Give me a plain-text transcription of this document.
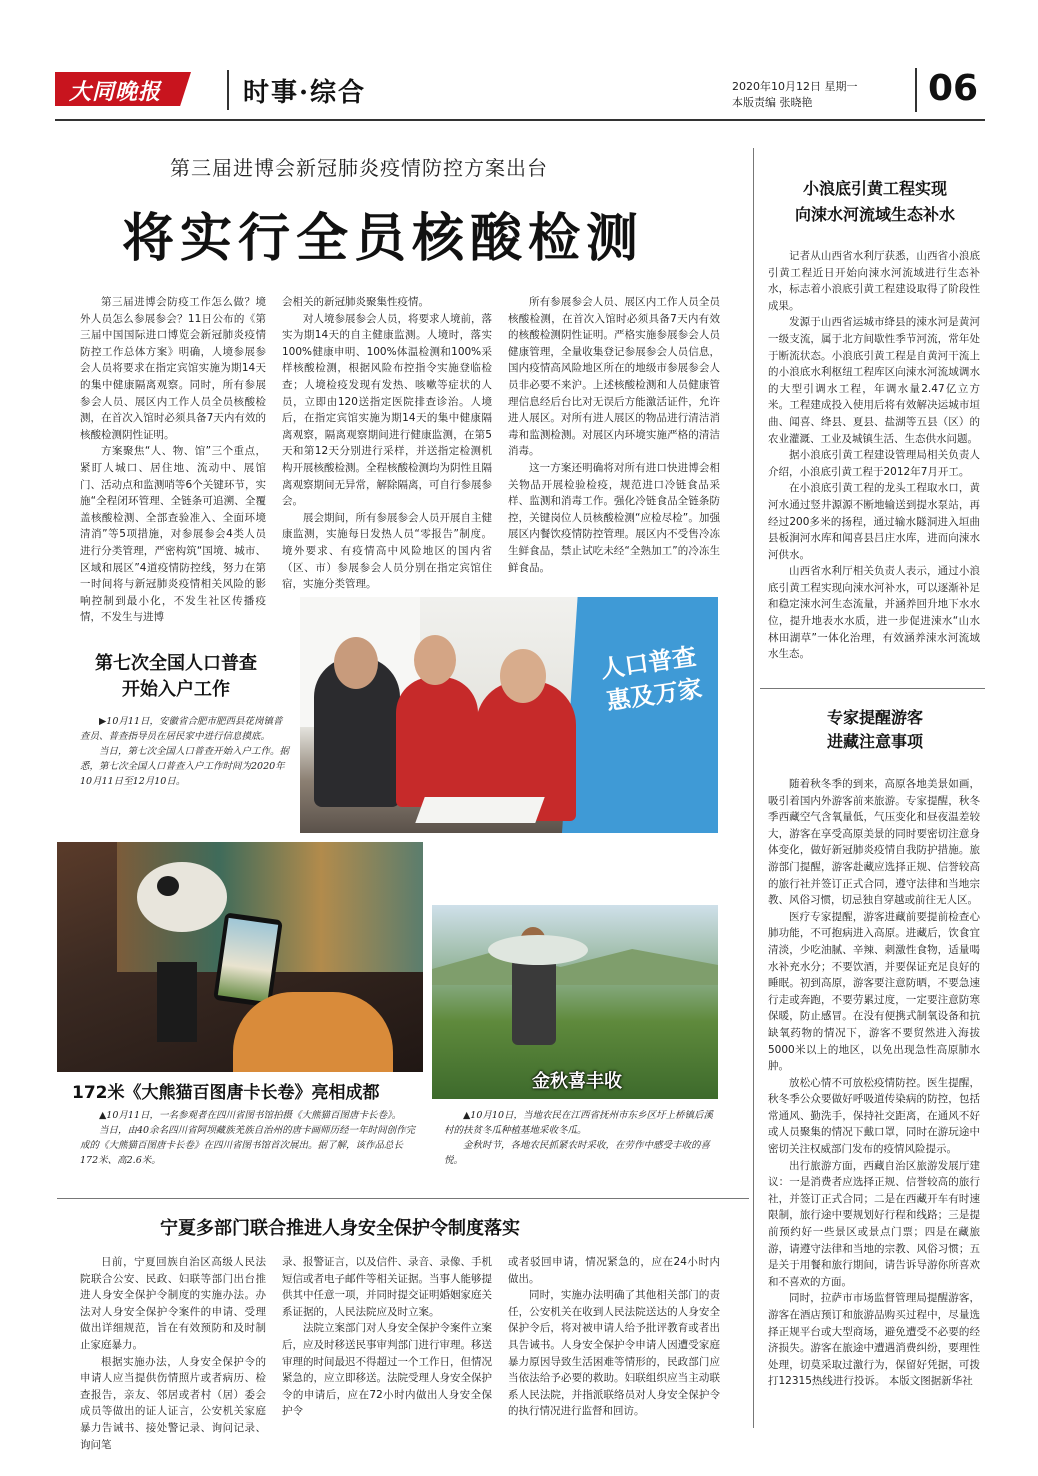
大同晚报	时事·综合	2020年10月12日 星期一
本版责编 张晓艳	06
第三届进博会新冠肺炎疫情防控方案出台
将实行全员核酸检测

第三届进博会防疫工作怎么做？境外人员怎么参展参会？11日公布的《第三届中国国际进口博览会新冠肺炎疫情防控工作总体方案》明确，人境参展参会人员将要求在指定宾馆实施为期14天的集中健康隔离观察。同时，所有参展参会人员、展区内工作人员全员核酸检测，在首次入馆时必须具备7天内有效的核酸检测阴性证明。

方案聚焦“人、物、馆”三个重点，紧盯人城口、居住地、流动中、展馆门、活动点和监测哨等6个关键环节，实施“全程闭环管理、全链条可追溯、全覆盖核酸检测、全部查验准入、全面环境清消”等5项措施，对参展参会4类人员进行分类管理，严密构筑“国境、城市、区域和展区”4道疫情防控线，努力在第一时间将与新冠肺炎疫情相关风险的影响控制到最小化，不发生社区传播疫情，不发生与进博

会相关的新冠肺炎聚集性疫情。

对人境参展参会人员，将要求人境前，落实为期14天的自主健康监测。人境时，落实100%健康申明、100%体温检测和100%采样核酸检测，根据风险布控指令实施登临检查；人境检疫发现有发热、咳嗽等症状的人员，立即由120送指定医院排查诊治。人境后，在指定宾馆实施为期14天的集中健康隔离观察，隔离观察期间进行健康监测，在第5天和第12天分别进行采样，并送指定检测机构开展核酸检测。全程核酸检测均为阴性且隔离观察期间无异常，解除隔离，可自行参展参会。

展会期间，所有参展参会人员开展自主健康监测，实施每日发热人员“零报告”制度。境外要求、有疫情高中风险地区的国内省（区、市）参展参会人员分别在指定宾馆住宿，实施分类管理。

所有参展参会人员、展区内工作人员全员核酸检测，在首次入馆时必须具备7天内有效的核酸检测阴性证明。严格实施参展参会人员健康管理，全量收集登记参展参会人员信息，国内疫情高风险地区所在的地级市参展参会人员非必要不来沪。上述核酸检测和人员健康管理信息经后台比对无误后方能激活证件，允许进人展区。对所有进人展区的物品进行清洁消毒和监测检测。对展区内环境实施严格的清洁消毒。

这一方案还明确将对所有进口快进博会相关物品开展检验检疫，规范进口冷链食品采样、监测和消毒工作。强化冷链食品全链条防控，关键岗位人员核酸检测“应检尽检”。加强展区内餐饮疫情防控管理。展区内不受售冷冻生鲜食品，禁止试吃未经“全熟加工”的冷冻生鲜食品。

人口普查
惠及万家
第七次全国人口普查
开始入户工作

▶10月11日，安徽省合肥市肥西县花岗镇普查员、普查指导员在居民家中进行信息摸底。

当日，第七次全国人口普查开始入户工作。据悉，第七次全国人口普查入户工作时间为2020年10月11日至12月10日。

172米《大熊猫百图唐卡长卷》亮相成都

▲10月11日，一名参观者在四川省图书馆拍摄《大熊猫百图唐卡长卷》。

当日，由40余名四川省阿坝藏族羌族自治州的唐卡画师历经一年时间创作完成的《大熊猫百图唐卡长卷》在四川省图书馆首次展出。据了解，该作品总长172米、高2.6米。

金秋喜丰收

▲10月10日，当地农民在江西省抚州市东乡区圩上桥镇后溪村的扶贫冬瓜种植基地采收冬瓜。

金秋时节，各地农民抓紧农时采收，在劳作中感受丰收的喜悦。

宁夏多部门联合推进人身安全保护令制度落实

日前，宁夏回族自治区高级人民法院联合公安、民政、妇联等部门出台推进人身安全保护令制度的实施办法。办法对人身安全保护令案件的申请、受理做出详细规范，旨在有效预防和及时制止家庭暴力。

根据实施办法，人身安全保护令的申请人应当提供伤情照片或者病历、检查报告，亲友、邻居或者村（居）委会成员等做出的证人证言，公安机关家庭暴力告诫书、接处警记录、询问记录、询问笔

录、报警证言，以及信件、录音、录像、手机短信或者电子邮件等相关证据。当事人能够提供其中任意一项，并同时提交证明婚姻家庭关系证据的，人民法院应及时立案。

法院立案部门对人身安全保护令案件立案后，应及时移送民事审判部门进行审理。移送审理的时间最迟不得超过一个工作日，但情况紧急的，应立即移送。法院受理人身安全保护令的申请后，应在72小时内做出人身安全保护令

或者驳回申请，情况紧急的，应在24小时内做出。

同时，实施办法明确了其他相关部门的责任，公安机关在收到人民法院送达的人身安全保护令后，将对被申请人给予批评教育或者出具告诫书。人身安全保护令申请人因遭受家庭暴力原因导致生活困难等情形的，民政部门应当依法给予必要的救助。妇联组织应当主动联系人民法院，并指派联络员对人身安全保护令的执行情况进行监督和回访。

小浪底引黄工程实现
向涑水河流域生态补水

记者从山西省水利厅获悉，山西省小浪底引黄工程近日开始向涑水河流域进行生态补水，标志着小浪底引黄工程建设取得了阶段性成果。

发源于山西省运城市绛县的涑水河是黄河一级支流，属于北方间歇性季节河流，常年处于断流状态。小浪底引黄工程是自黄河干流上的小浪底水利枢纽工程库区向涑水河流域调水的大型引调水工程，年调水量2.47亿立方米。工程建成投入使用后将有效解决运城市垣曲、闻喜、绛县、夏县、盐湖等五县（区）的农业灌溉、工业及城镇生活、生态供水问题。

据小浪底引黄工程建设管理局相关负责人介绍，小浪底引黄工程于2012年7月开工。

在小浪底引黄工程的龙头工程取水口，黄河水通过竖井源源不断地输送到提水泵站，再经过200多米的扬程，通过输水隧洞进入垣曲县板涧河水库和闻喜县吕庄水库，进而向涑水河供水。

山西省水利厅相关负责人表示，通过小浪底引黄工程实现向涑水河补水，可以逐渐补足和稳定涑水河生态流量，并涵养回升地下水水位，提升地表水水质，进一步促进涑水“山水林田湖草”一体化治理，有效涵养涑水河流域水生态。

专家提醒游客
进藏注意事项

随着秋冬季的到来，高原各地美景如画，吸引着国内外游客前来旅游。专家提醒，秋冬季西藏空气含氧量低，气压变化和昼夜温差较大，游客在享受高原美景的同时要密切注意身体变化，做好新冠肺炎疫情自我防护措施。旅游部门提醒，游客赴藏应选择正规、信誉较高的旅行社并签订正式合同，遵守法律和当地宗教、风俗习惯，切忌独自穿越或前往无人区。

医疗专家提醒，游客进藏前要提前检查心肺功能，不可抱病进入高原。进藏后，饮食宜清淡，少吃油腻、辛辣、刺激性食物，适量喝水补充水分；不要饮酒，并要保证充足良好的睡眠。初到高原，游客要注意防晒，不要急速行走或奔跑，不要劳累过度，一定要注意防寒保暖，防止感冒。在没有便携式制氧设备和抗缺氧药物的情况下，游客不要贸然进入海拔5000米以上的地区，以免出现急性高原肺水肿。

放松心情不可放松疫情防控。医生提醒，秋冬季公众要做好呼吸道传染病的防控，包括常通风、勤洗手，保持社交距离，在通风不好或人员聚集的情况下戴口罩，同时在游玩途中密切关注权威部门发布的疫情风险提示。

出行旅游方面，西藏自治区旅游发展厅建议：一是消费者应选择正规、信誉较高的旅行社，并签订正式合同；二是在西藏开车有时速限制，旅行途中要规划好行程和线路；三是提前预约好一些景区或景点门票；四是在藏旅游，请遵守法律和当地的宗教、风俗习惯；五是关于用餐和旅行期间，请告诉导游你所喜欢和不喜欢的方面。

同时，拉萨市市场监督管理局提醒游客，游客在酒店预订和旅游品购买过程中，尽量选择正规平台或大型商场，避免遭受不必要的经济损失。游客在旅途中遭遇消费纠纷，要理性处理，切莫采取过激行为，保留好凭据，可拨打12315热线进行投诉。 本版文图据新华社
